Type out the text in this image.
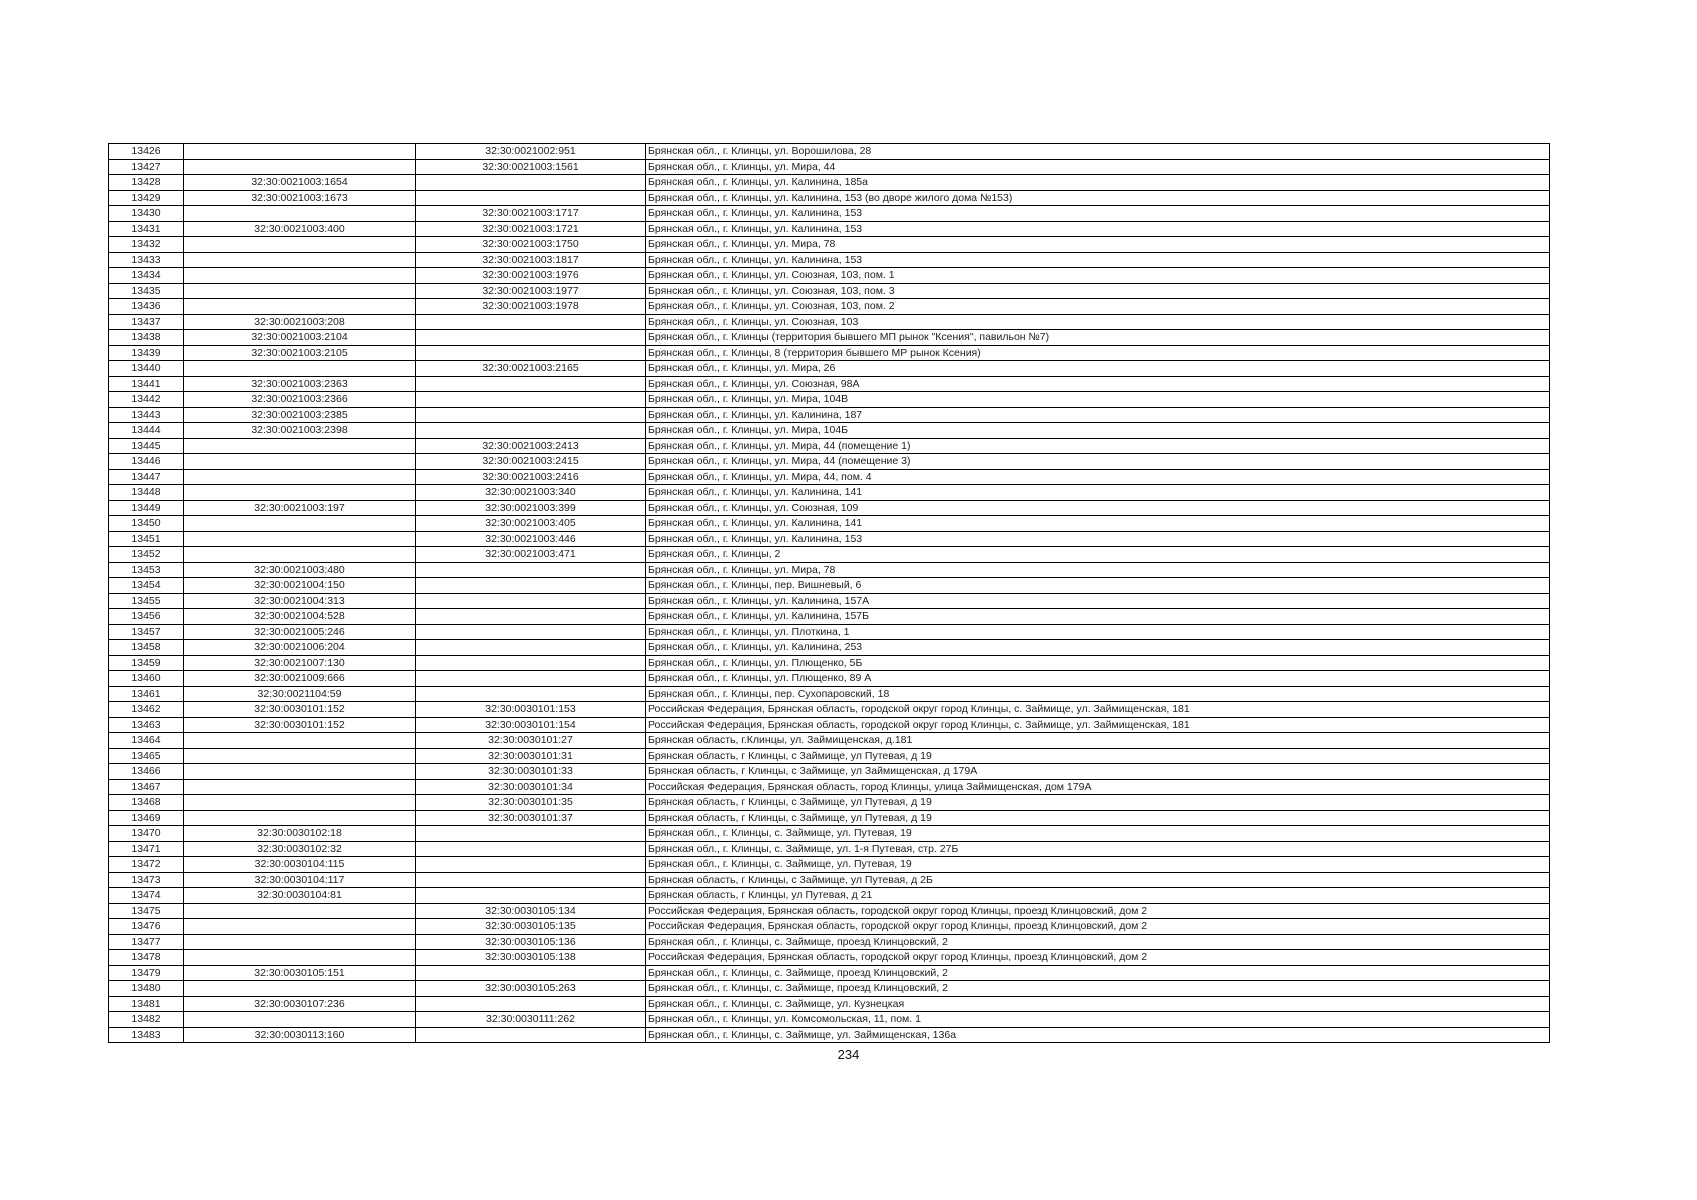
13426		32:30:0021002:951	Брянская обл., г. Клинцы, ул. Ворошилова, 28
13427		32:30:0021003:1561	Брянская обл., г. Клинцы, ул. Мира, 44
13428	32:30:0021003:1654		Брянская обл., г. Клинцы, ул. Калинина, 185а
13429	32:30:0021003:1673		Брянская обл., г. Клинцы, ул. Калинина, 153 (во дворе жилого дома №153)
13430		32:30:0021003:1717	Брянская обл., г. Клинцы, ул. Калинина, 153
13431	32:30:0021003:400	32:30:0021003:1721	Брянская обл., г. Клинцы, ул. Калинина, 153
13432		32:30:0021003:1750	Брянская обл., г. Клинцы, ул. Мира, 78
13433		32:30:0021003:1817	Брянская обл., г. Клинцы, ул. Калинина, 153
13434		32:30:0021003:1976	Брянская обл., г. Клинцы, ул. Союзная, 103, пом. 1
13435		32:30:0021003:1977	Брянская обл., г. Клинцы, ул. Союзная, 103, пом. 3
13436		32:30:0021003:1978	Брянская обл., г. Клинцы, ул. Союзная, 103, пом. 2
13437	32:30:0021003:208		Брянская обл., г. Клинцы, ул. Союзная, 103
13438	32:30:0021003:2104		Брянская обл., г. Клинцы (территория бывшего МП рынок "Ксения", павильон №7)
13439	32:30:0021003:2105		Брянская обл., г. Клинцы, 8 (территория бывшего МР рынок Ксения)
13440		32:30:0021003:2165	Брянская обл., г. Клинцы, ул. Мира, 26
13441	32:30:0021003:2363		Брянская обл., г. Клинцы, ул. Союзная, 98А
13442	32:30:0021003:2366		Брянская обл., г. Клинцы, ул. Мира, 104В
13443	32:30:0021003:2385		Брянская обл., г. Клинцы, ул. Калинина, 187
13444	32:30:0021003:2398		Брянская обл., г. Клинцы, ул. Мира, 104Б
13445		32:30:0021003:2413	Брянская обл., г. Клинцы, ул. Мира, 44 (помещение 1)
13446		32:30:0021003:2415	Брянская обл., г. Клинцы, ул. Мира, 44 (помещение 3)
13447		32:30:0021003:2416	Брянская обл., г. Клинцы, ул. Мира, 44, пом. 4
13448		32:30:0021003:340	Брянская обл., г. Клинцы, ул. Калинина, 141
13449	32:30:0021003:197	32:30:0021003:399	Брянская обл., г. Клинцы, ул. Союзная, 109
13450		32:30:0021003:405	Брянская обл., г. Клинцы, ул. Калинина, 141
13451		32:30:0021003:446	Брянская обл., г. Клинцы, ул. Калинина, 153
13452		32:30:0021003:471	Брянская обл., г. Клинцы, 2
13453	32:30:0021003:480		Брянская обл., г. Клинцы, ул. Мира, 78
13454	32:30:0021004:150		Брянская обл., г. Клинцы, пер. Вишневый, 6
13455	32:30:0021004:313		Брянская обл., г. Клинцы, ул. Калинина, 157А
13456	32:30:0021004:528		Брянская обл., г. Клинцы, ул. Калинина, 157Б
13457	32:30:0021005:246		Брянская обл., г. Клинцы, ул. Плоткина, 1
13458	32:30:0021006:204		Брянская обл., г. Клинцы, ул. Калинина, 253
13459	32:30:0021007:130		Брянская обл., г. Клинцы, ул. Плющенко, 5Б
13460	32:30:0021009:666		Брянская обл., г. Клинцы, ул. Плющенко, 89 А
13461	32:30:0021104:59		Брянская обл., г. Клинцы, пер. Сухопаровский, 18
13462	32:30:0030101:152	32:30:0030101:153	Российская Федерация, Брянская область, городской округ город Клинцы, с. Займище, ул. Займищенская, 181
13463	32:30:0030101:152	32:30:0030101:154	Российская Федерация, Брянская область, городской округ город Клинцы, с. Займище, ул. Займищенская, 181
13464		32:30:0030101:27	Брянская область, г.Клинцы, ул. Займищенская, д.181
13465		32:30:0030101:31	Брянская область, г Клинцы, с Займище, ул Путевая, д 19
13466		32:30:0030101:33	Брянская область, г Клинцы, с Займище, ул Займищенская, д 179А
13467		32:30:0030101:34	Российская Федерация, Брянская область, город Клинцы, улица Займищенская, дом 179А
13468		32:30:0030101:35	Брянская область, г Клинцы, с Займище, ул Путевая, д 19
13469		32:30:0030101:37	Брянская область, г Клинцы, с Займище, ул Путевая, д 19
13470	32:30:0030102:18		Брянская обл., г. Клинцы, с. Займище, ул. Путевая, 19
13471	32:30:0030102:32		Брянская обл., г. Клинцы, с. Займище, ул. 1-я Путевая, стр. 27Б
13472	32:30:0030104:115		Брянская обл., г. Клинцы, с. Займище, ул. Путевая, 19
13473	32:30:0030104:117		Брянская область, г Клинцы, с Займище, ул Путевая, д 2Б
13474	32:30:0030104:81		Брянская область, г Клинцы, ул Путевая, д 21
13475		32:30:0030105:134	Российская Федерация, Брянская область, городской округ город Клинцы, проезд Клинцовский, дом 2
13476		32:30:0030105:135	Российская Федерация, Брянская область, городской округ город Клинцы, проезд Клинцовский, дом 2
13477		32:30:0030105:136	Брянская обл., г. Клинцы, с. Займище, проезд Клинцовский, 2
13478		32:30:0030105:138	Российская Федерация, Брянская область, городской округ город Клинцы, проезд Клинцовский, дом 2
13479	32:30:0030105:151		Брянская обл., г. Клинцы, с. Займище, проезд Клинцовский, 2
13480		32:30:0030105:263	Брянская обл., г. Клинцы, с. Займище, проезд Клинцовский, 2
13481	32:30:0030107:236		Брянская обл., г. Клинцы, с. Займище, ул. Кузнецкая
13482		32:30:0030111:262	Брянская обл., г. Клинцы, ул. Комсомольская, 11, пом. 1
13483	32:30:0030113:160		Брянская обл., г. Клинцы, с. Займище, ул. Займищенская, 136а
234
